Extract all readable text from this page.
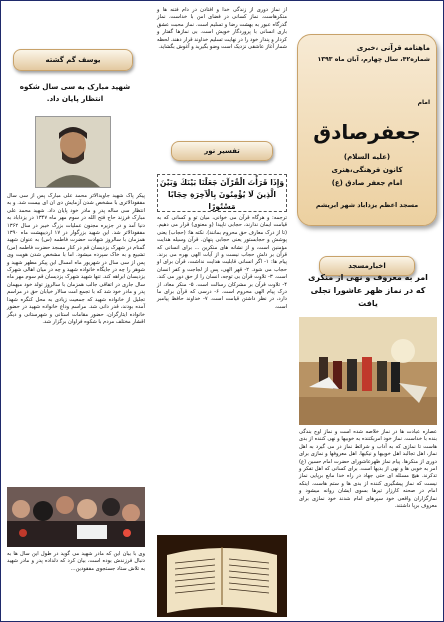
ماهنامه قرآنی ،خبری
شماره۴۲، سال چهارم، آبان ماه ۱۳۹۳
امام
جعفرصادق
(علیه السلام)
کانون فرهنگی،هنری
امام جعفر صادق (ع)
مسجد اعظم یزداباد شهر ابریشم
اخبارمسجد
امر به معروف و نهی از منکری که در نماز ظهر عاشورا تجلی یافت
عصاره عبادت ها در نماز خلاصه شده است و نماز اوج بندگی بنده با خداست. نماز خود امربکننده به خوبیها و نهی کننده از بدی هاست تا نمازی که به آداب و شرائط نماز در می گیرد به اهل نماز، اهل تجالبد اهل خوبیها و نیکیها. اهل معروفها و نمازی برای دوری از منکرها. پیام نماز ظهرعاشورای حضرت امام حسین (ع) امر به خوبی ها و نهی از بدیها است. برای کسانی که اهل تفکر و تدکرند. هیچ مسئله ای حتی جهاد در راه خدا مانع برپایی نماز نیست که نماز پیشگیری کننده از بدی ها و ستم هاست. اینکه امام در صحنه کارزار تیرها بسوی ایشان روانه میشود و نمازگزاران واقعی خود سپرهای امام شدند خود نمازی برای معروف برپا داشتند.
از نماز دوری از زندگی خدا و افتادن در دام فتنه ها و منکرهاست. نماز کسانی در فضای امن با خداست. نماز گذرگاه عبور به بهشت رضا و تسلیم است. نماز محبت عشق باری انسانی با پروردگار خویش است. بی نمازها گفتار و کردار و پندار خود را در نهایت تسلیم خداوند قرار دهند. لحظه شمار آغاز عاشقی نزدیک است وضو بگیرید و آغوش بگشاید.
تفسیر نور
وَإِذَا قَرَأْتَ الْقُرْآنَ جَعَلْنَا بَيْنَكَ وَبَيْنَ الَّذِينَ لَا يُؤْمِنُونَ بِالْآخِرَةِ حِجَابًا مَسْتُورًا
ترجمه: و هرگاه قرآن می خوانی، میان تو و کسانی که به قیامت ایمان ندارند، حجابی ناپیدا (و معنوی) قرار می دهیم. (تا از درک معارف حق محروم بمانند). نکته ها: (حجاب) یعنی پوشش و حجابستور یعنی حجابی پنهان. قرآن وسیله هدایت مؤمنین است، و از نشانه های منکرین ... برای انسانی که قرآن بر دلش حجاب نیست و از آیات الهی بهره می برند. پیام ها: ۱- اگر انسانی قابلیت هدایت نداشت، قرآن برای او حجاب می شود. ۲- قهر الهی، پس از لجاجت و کفر انسان است. ۳- تلاوت قرآن بی توجه، انسان را از حق دور می کند. ۴- تلاوت قرآن بر مشرکان رسالت است. ۵- منکر معاد، از درک پیام الهی محروم است. ۶- درسی که قرآن برای ما دارد، در نظر داشتن قیامت است. ۷- خداوند حافظ پیامبر است.
یوسف گم گشته
شهید مبارک به سی سال شکوه انتظار پایان داد.
پیکر پاک شهید جاویدالاثر محمد علی مبارک پس از سی سال مفقودالاثری با مشخص شدن آزمایش دی ان ای بیست شد. و به انتظار سی ساله پدر و مادر خود پایان داد. شهید محمد علی مبارک فرزند حاج فتح الله در سوم مهر ماه ۱۳۴۷ در یزداباد به دنیا آمد و در جزیره مجنون عملیات بزرگ خیبر در سال ۱۳۶۲ مفقودالاثر شد. این شهید بزرگوار در ۱۷ اردیبهشت ماه ۱۳۹۰ همزمان با سالروز شهادت حضرت فاطمه (س) به عنوان شهید گمنام در شهرک یزدیسان قم در کنار مسجد حضرت فاطمه (س) تشییع و به خاک سپرده میشود. اما با مشخص شدن هویت وی پس از سی سال در شهریور ماه امسال این پیکر مطهر شهید و شوهر را چه در جایگاه خانواده شهید و چه در میان اهالی شهرک یزدیسان ابراهه کند. تنها شهید شهرک یزدیسان قم سوم مهر ماه سال جاری در اتفاقی جالب همزمان با سالروز تولد خود میهمان پدر و مادر خود شد که با تجمع امت سالار خیابان حق در مراسم تجلیل از خانواده شهید که جمعیت زیادی به محل کنگره شهدا آمده بودند، قدر دانی شد. مراسم وداع خانواده شهید در حضور خانواده ایثارگران، حضور مقامات استانی و شهرستانی و دیگر اقشار مختلف مردم با شکوه فراوان برگزار شد.
وی با بیان این که مادر شهید می گوید در طول این سال ها به دنبال فرزندش بوده است، بیان کرد که دلداده پدر و مادر شهید به تلاش ستاد جستجوی مفقودین...
